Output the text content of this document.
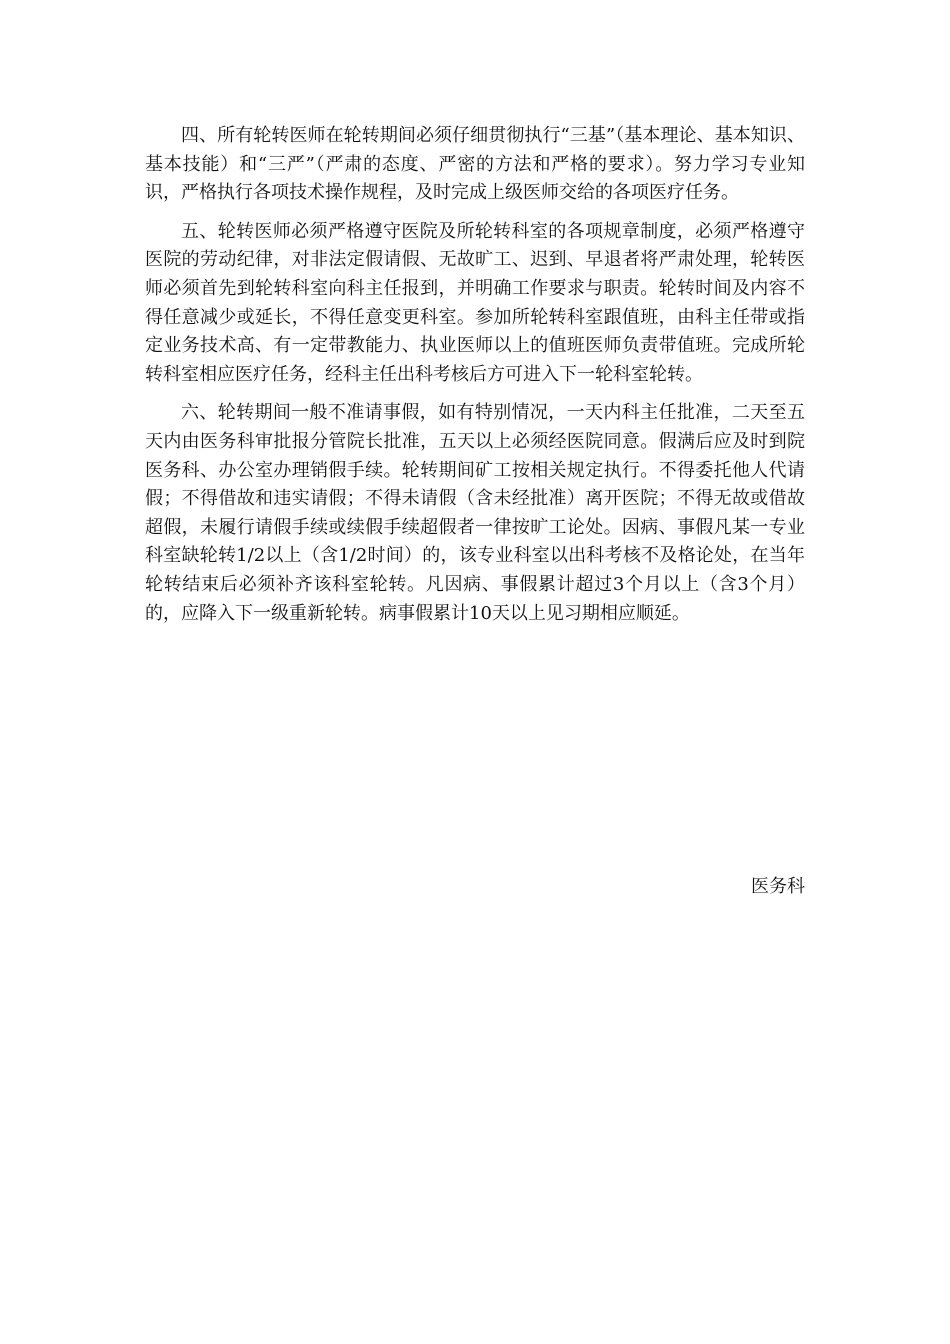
四、所有轮转医师在轮转期间必须仔细贯彻执行“三基”（基本理论、基本知识、基本技能）和“三严”（严肃的态度、严密的方法和严格的要求）。努力学习专业知识，严格执行各项技术操作规程，及时完成上级医师交给的各项医疗任务。

五、轮转医师必须严格遵守医院及所轮转科室的各项规章制度，必须严格遵守医院的劳动纪律，对非法定假请假、无故旷工、迟到、早退者将严肃处理，轮转医师必须首先到轮转科室向科主任报到，并明确工作要求与职责。轮转时间及内容不得任意减少或延长，不得任意变更科室。参加所轮转科室跟值班，由科主任带或指定业务技术高、有一定带教能力、执业医师以上的值班医师负责带值班。完成所轮转科室相应医疗任务，经科主任出科考核后方可进入下一轮科室轮转。

六、轮转期间一般不准请事假，如有特别情况，一天内科主任批准，二天至五天内由医务科审批报分管院长批准，五天以上必须经医院同意。假满后应及时到院医务科、办公室办理销假手续。轮转期间矿工按相关规定执行。不得委托他人代请假；不得借故和违实请假；不得未请假（含未经批准）离开医院；不得无故或借故超假，未履行请假手续或续假手续超假者一律按旷工论处。因病、事假凡某一专业科室缺轮转1/2以上（含1/2时间）的，该专业科室以出科考核不及格论处，在当年轮转结束后必须补齐该科室轮转。凡因病、事假累计超过3个月以上（含3个月）的，应降入下一级重新轮转。病事假累计10天以上见习期相应顺延。

医务科
